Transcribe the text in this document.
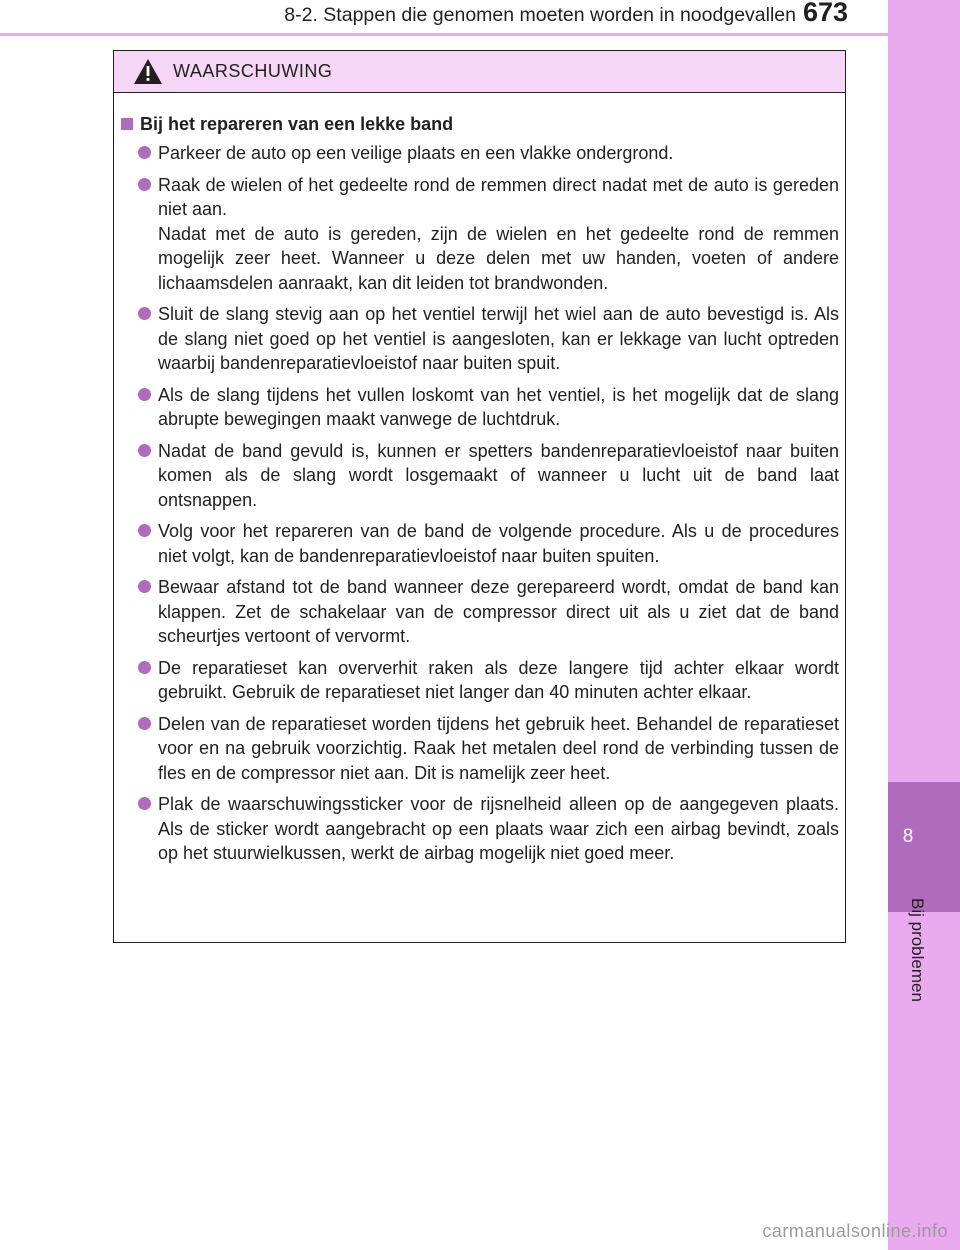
8
Bij problemen
8-2. Stappen die genomen moeten worden in noodgevallen 673
WAARSCHUWING
Bij het repareren van een lekke band
Parkeer de auto op een veilige plaats en een vlakke ondergrond.
Raak de wielen of het gedeelte rond de remmen direct nadat met de auto is gereden niet aan.
Nadat met de auto is gereden, zijn de wielen en het gedeelte rond de remmen mogelijk zeer heet. Wanneer u deze delen met uw handen, voeten of andere lichaamsdelen aanraakt, kan dit leiden tot brandwonden.
Sluit de slang stevig aan op het ventiel terwijl het wiel aan de auto bevestigd is. Als de slang niet goed op het ventiel is aangesloten, kan er lekkage van lucht optreden waarbij bandenreparatievloeistof naar buiten spuit.
Als de slang tijdens het vullen loskomt van het ventiel, is het mogelijk dat de slang abrupte bewegingen maakt vanwege de luchtdruk.
Nadat de band gevuld is, kunnen er spetters bandenreparatievloeistof naar buiten komen als de slang wordt losgemaakt of wanneer u lucht uit de band laat ontsnappen.
Volg voor het repareren van de band de volgende procedure. Als u de procedures niet volgt, kan de bandenreparatievloeistof naar buiten spuiten.
Bewaar afstand tot de band wanneer deze gerepareerd wordt, omdat de band kan klappen. Zet de schakelaar van de compressor direct uit als u ziet dat de band scheurtjes vertoont of vervormt.
De reparatieset kan oververhit raken als deze langere tijd achter elkaar wordt gebruikt. Gebruik de reparatieset niet langer dan 40 minuten achter elkaar.
Delen van de reparatieset worden tijdens het gebruik heet. Behandel de reparatieset voor en na gebruik voorzichtig. Raak het metalen deel rond de verbinding tussen de fles en de compressor niet aan. Dit is namelijk zeer heet.
Plak de waarschuwingssticker voor de rijsnelheid alleen op de aangegeven plaats. Als de sticker wordt aangebracht op een plaats waar zich een airbag bevindt, zoals op het stuurwielkussen, werkt de airbag mogelijk niet goed meer.
carmanualsonline.info
